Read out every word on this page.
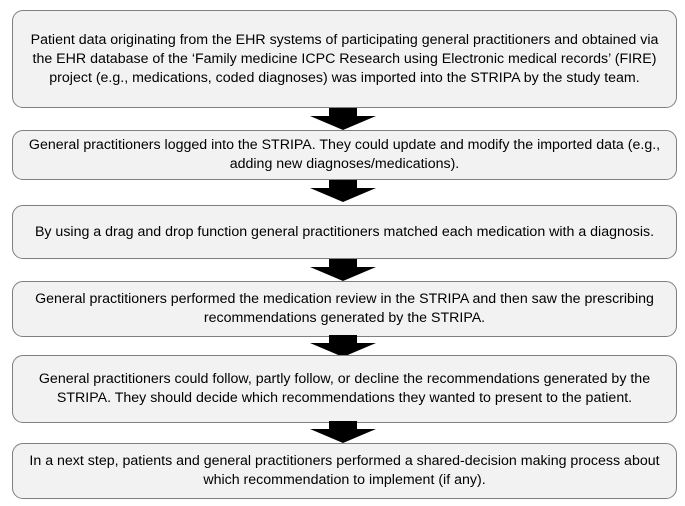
Patient data originating from the EHR systems of participating general practitioners and obtained via the EHR database of the ‘Family medicine ICPC Research using Electronic medical records’ (FIRE) project (e.g., medications, coded diagnoses) was imported into the STRIPA by the study team.
General practitioners logged into the STRIPA. They could update and modify the imported data (e.g., adding new diagnoses/medications).
By using a drag and drop function general practitioners matched each medication with a diagnosis.
General practitioners performed the medication review in the STRIPA and then saw the prescribing recommendations generated by the STRIPA.
General practitioners could follow, partly follow, or decline the recommendations generated by the STRIPA. They should decide which recommendations they wanted to present to the patient.
In a next step, patients and general practitioners performed a shared-decision making process about which recommendation to implement (if any).
